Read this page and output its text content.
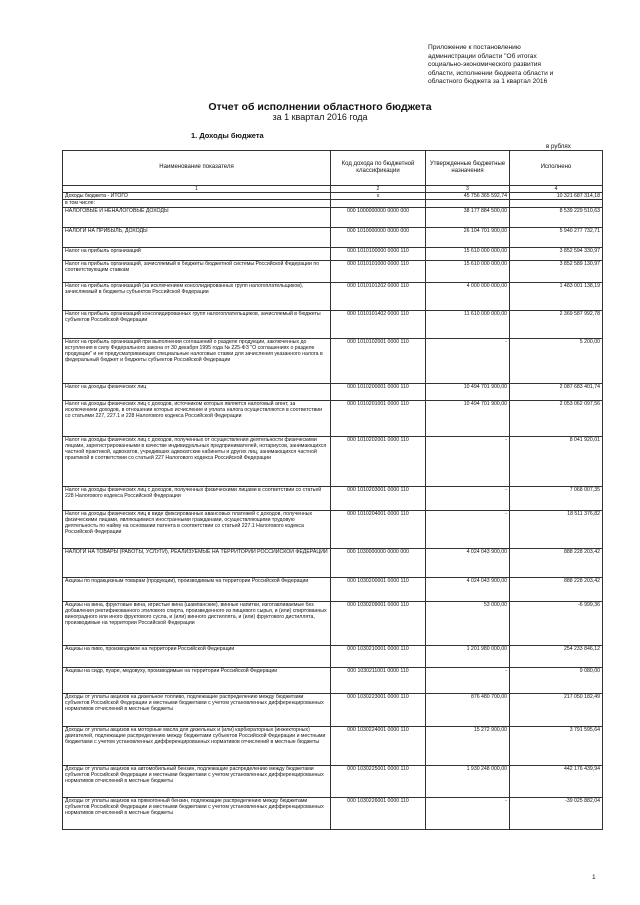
Приложение к постановлению
администрации области "Об итогах
социально-экономического развития
области, исполнении бюджета области и
областного бюджета за 1 квартал 2016
Отчет об исполнении областного бюджета
за 1 квартал 2016 года
1. Доходы бюджета
в рублях
Наименование показателя	Код дохода по бюджетной классификации	Утвержденные бюджетные назначения	Исполнено
1	2	3	4
Доходы бюджета - ИТОГО	x	45 756 365 592,74	10 321 687 314,18
в том числе:			
НАЛОГОВЫЕ И НЕНАЛОГОВЫЕ ДОХОДЫ	000 1000000000 0000 000	38 177 884 500,00	8 539 229 510,63
НАЛОГИ НА ПРИБЫЛЬ, ДОХОДЫ	000 1010000000 0000 000	26 104 701 900,00	5 940 277 732,71
Налог на прибыль организаций	000 1010100000 0000 110	15 610 000 000,00	3 852 594 330,97
Налог на прибыль организаций, зачисляемый в бюджеты бюджетной системы Российской Федерации по соответствующим ставкам	000 1010101000 0000 110	15 610 000 000,00	3 852 589 130,97
Налог на прибыль организаций (за исключением консолидированных групп налогоплательщиков), зачисляемый в бюджеты субъектов Российской Федерации	000 1010101202 0000 110	4 000 000 000,00	1 483 001 138,19
Налог на прибыль организаций консолидированных групп налогоплательщиков, зачисляемый в бюджеты субъектов Российской Федерации	000 1010101402 0000 110	11 610 000 000,00	2 369 587 992,78
Налог на прибыль организаций при выполнении соглашений о разделе продукции, заключенных до вступления в силу Федерального закона от 30 декабря 1995 года № 225-ФЗ "О соглашениях о разделе продукции" и не предусматривающих специальные налоговые ставки для зачисления указанного налога в федеральный бюджет и бюджеты субъектов Российской Федерации	000 1010102001 0000 110	-	5 200,00
Налог на доходы физических лиц	000 1010200001 0000 110	10 494 701 900,00	2 087 683 401,74
Налог на доходы физических лиц с доходов, источником которых является налоговый агент, за исключением доходов, в отношении которых исчисление и уплата налога осуществляются в соответствии со статьями 227, 227.1 и 228 Налогового кодекса Российской Федерации	000 1010201001 0000 110	10 494 701 900,00	2 053 062 097,56
Налог на доходы физических лиц с доходов, полученных от осуществления деятельности физическими лицами, зарегистрированными в качестве индивидуальных предпринимателей, нотариусов, занимающихся частной практикой, адвокатов, учредивших адвокатские кабинеты и других лиц, занимающихся частной практикой в соответствии со статьей 227 Налогового кодекса Российской Федерации	000 1010202001 0000 110	-	8 041 920,01
Налог на доходы физических лиц с доходов, полученных физическими лицами в соответствии со статьей 228 Налогового кодекса Российской Федерации	000 1010203001 0000 110	-	7 068 007,35
Налог на доходы физических лиц в виде фиксированных авансовых платежей с доходов, полученных физическими лицами, являющимися иностранными гражданами, осуществляющими трудовую деятельность по найму на основании патента в соответствии со статьей 227.1 Налогового кодекса Российской Федерации	000 1010204001 0000 110	-	18 511 376,82
НАЛОГИ НА ТОВАРЫ (РАБОТЫ, УСЛУГИ), РЕАЛИЗУЕМЫЕ НА ТЕРРИТОРИИ РОССИЙСКОЙ ФЕДЕРАЦИИ	000 1030000000 0000 000	4 024 043 900,00	888 228 203,42
Акцизы по подакцизным товарам (продукции), производимым на территории Российской Федерации	000 1030200001 0000 110	4 024 043 900,00	888 228 203,42
Акцизы на вина, фруктовые вина, игристые вина (шампанские), винные напитки, изготавливаемые без добавления ректификованного этилового спирта, произведенного из пищевого сырья, и (или) спиртованных виноградного или иного фруктового сусла, и (или) винного дистиллята, и (или) фруктового дистиллята, производимые на территории Российской Федерации	000 1030209001 0000 110	53 000,00	-6 999,36
Акцизы на пиво, производимое на территории Российской Федерации	000 1030210001 0000 110	1 201 980 000,00	254 233 846,12
Акцизы на сидр, пуаре, медовуху, производимые на территории Российской Федерации	000 1030211001 0000 110	-	9 080,00
Доходы от уплаты акцизов на дизельное топливо, подлежащие распределению между бюджетами субъектов Российской Федерации и местными бюджетами с учетом установленных дифференцированных нормативов отчислений в местные бюджеты	000 1030223001 0000 110	876 480 700,00	217 050 182,49
Доходы от уплаты акцизов на моторные масла для дизельных и (или) карбюраторных (инжекторных) двигателей, подлежащие распределению между бюджетами субъектов Российской Федерации и местными бюджетами с учетом установленных дифференцированных нормативов отчислений в местные бюджеты	000 1030224001 0000 110	15 272 900,00	3 791 595,64
Доходы от уплаты акцизов на автомобильный бензин, подлежащие распределению между бюджетами субъектов Российской Федерации и местными бюджетами с учетом установленных дифференцированных нормативов отчислений в местные бюджеты	000 1030225001 0000 110	1 930 248 000,00	442 176 439,94
Доходы от уплаты акцизов на прямогонный бензин, подлежащие распределению между бюджетами субъектов Российской Федерации и местными бюджетами с учетом установленных дифференцированных нормативов отчислений в местные бюджеты	000 1030226001 0000 110	-	-39 025 882,04
1
